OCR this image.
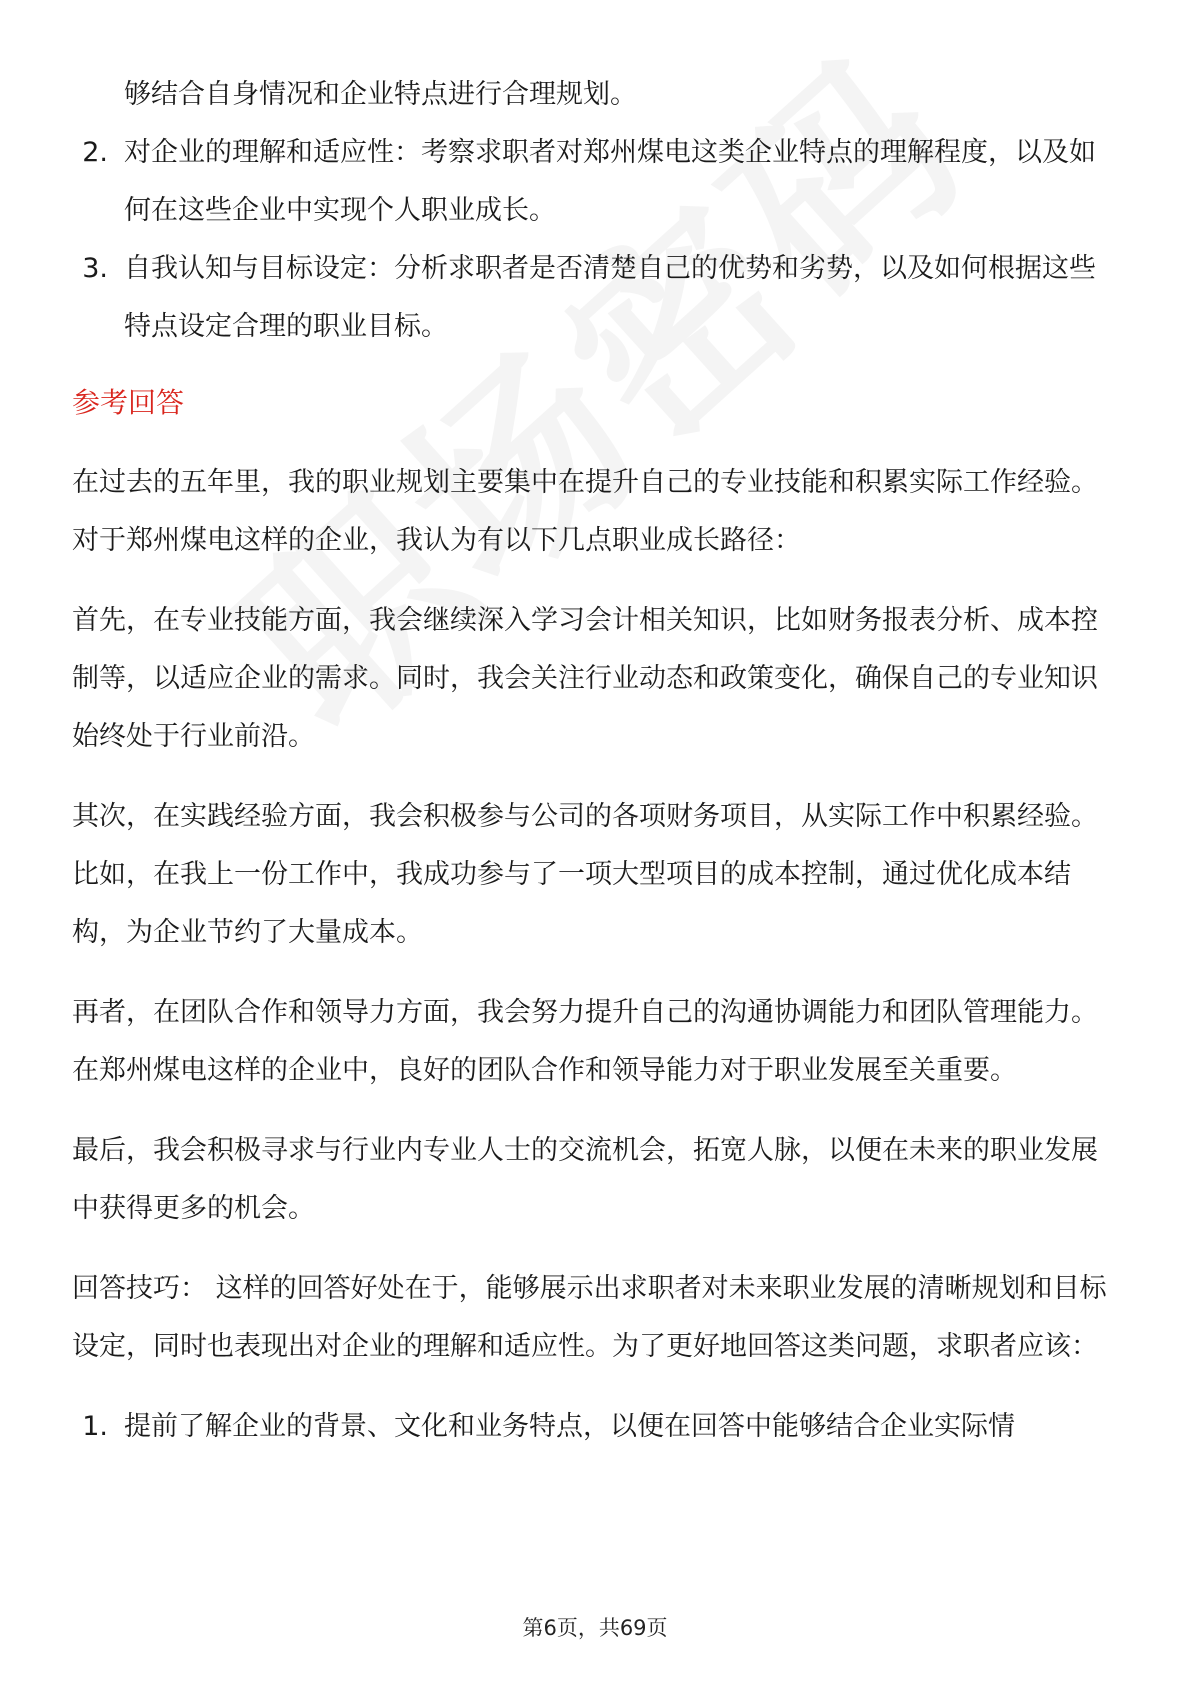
够结合自身情况和企业特点进行合理规划。
2. 对企业的理解和适应性：考察求职者对郑州煤电这类企业特点的理解程度，以及如何在这些企业中实现个人职业成长。
3. 自我认知与目标设定：分析求职者是否清楚自己的优势和劣势，以及如何根据这些特点设定合理的职业目标。
参考回答

在过去的五年里，我的职业规划主要集中在提升自己的专业技能和积累实际工作经验。对于郑州煤电这样的企业，我认为有以下几点职业成长路径：

首先，在专业技能方面，我会继续深入学习会计相关知识，比如财务报表分析、成本控制等，以适应企业的需求。同时，我会关注行业动态和政策变化，确保自己的专业知识始终处于行业前沿。

其次，在实践经验方面，我会积极参与公司的各项财务项目，从实际工作中积累经验。比如，在我上一份工作中，我成功参与了一项大型项目的成本控制，通过优化成本结构，为企业节约了大量成本。

再者，在团队合作和领导力方面，我会努力提升自己的沟通协调能力和团队管理能力。在郑州煤电这样的企业中，良好的团队合作和领导能力对于职业发展至关重要。

最后，我会积极寻求与行业内专业人士的交流机会，拓宽人脉，以便在未来的职业发展中获得更多的机会。

回答技巧： 这样的回答好处在于，能够展示出求职者对未来职业发展的清晰规划和目标设定，同时也表现出对企业的理解和适应性。为了更好地回答这类问题，求职者应该：

1. 提前了解企业的背景、文化和业务特点，以便在回答中能够结合企业实际情
第6页，共69页
